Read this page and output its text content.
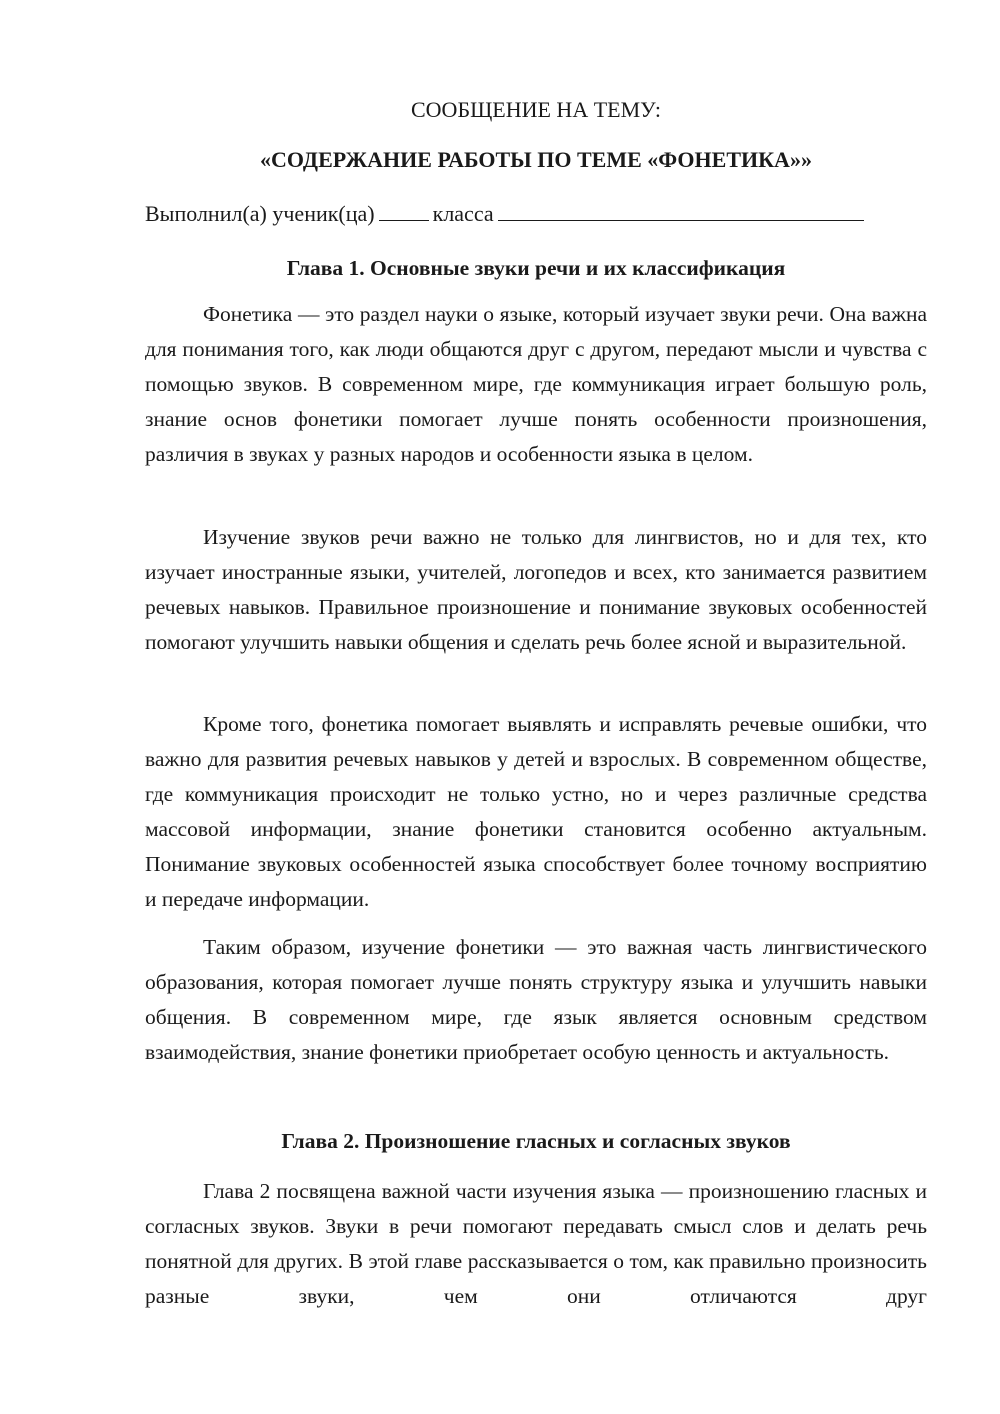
СООБЩЕНИЕ НА ТЕМУ:
«СОДЕРЖАНИЕ РАБОТЫ ПО ТЕМЕ «ФОНЕТИКА»»
Выполнил(а) ученик(ца)	класса
Глава 1. Основные звуки речи и их классификация
Фонетика — это раздел науки о языке, который изучает звуки речи. Она важна для понимания того, как люди общаются друг с другом, передают мысли и чувства с помощью звуков. В современном мире, где коммуникация играет большую роль, знание основ фонетики помогает лучше понять особенности произношения, различия в звуках у разных народов и особенности языка в целом.
Изучение звуков речи важно не только для лингвистов, но и для тех, кто изучает иностранные языки, учителей, логопедов и всех, кто занимается развитием речевых навыков. Правильное произношение и понимание звуковых особенностей помогают улучшить навыки общения и сделать речь более ясной и выразительной.
Кроме того, фонетика помогает выявлять и исправлять речевые ошибки, что важно для развития речевых навыков у детей и взрослых. В современном обществе, где коммуникация происходит не только устно, но и через различные средства массовой информации, знание фонетики становится особенно актуальным. Понимание звуковых особенностей языка способствует более точному восприятию и передаче информации.
Таким образом, изучение фонетики — это важная часть лингвистического образования, которая помогает лучше понять структуру языка и улучшить навыки общения. В современном мире, где язык является основным средством взаимодействия, знание фонетики приобретает особую ценность и актуальность.
Глава 2. Произношение гласных и согласных звуков
Глава 2 посвящена важной части изучения языка — произношению гласных и согласных звуков. Звуки в речи помогают передавать смысл слов и делать речь понятной для других. В этой главе рассказывается о том, как правильно произносить разные звуки, чем они отличаются друг
